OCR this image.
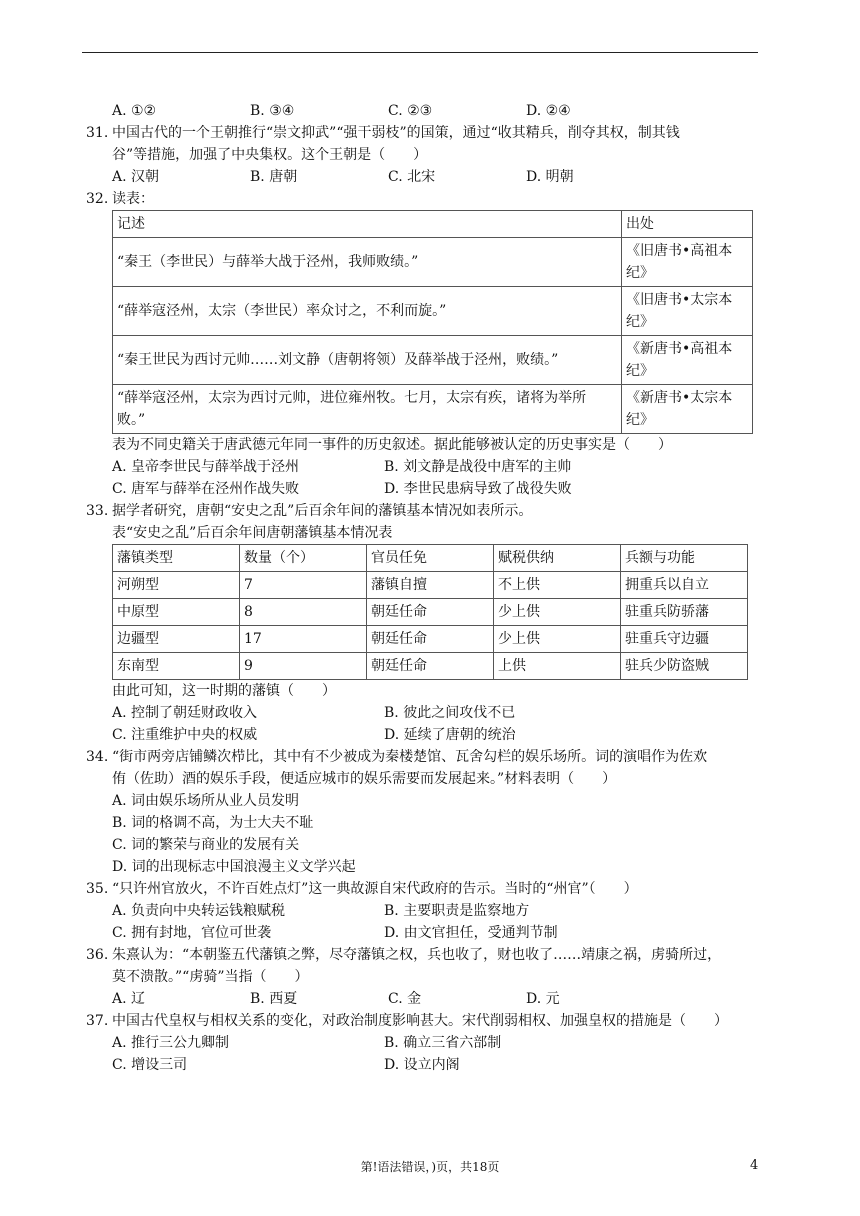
A. ①②	B. ③④	C. ②③	D. ②④
31. 中国古代的一个王朝推行“崇文抑武”“强干弱枝”的国策，通过“收其精兵，削夺其权，制其钱
谷”等措施，加强了中央集权。这个王朝是（　　）
A. 汉朝	B. 唐朝	C. 北宋	D. 明朝
32. 读表：
记述	出处
“秦王（李世民）与薛举大战于泾州，我师败绩。”	《旧唐书•高祖本
纪》
“薛举寇泾州，太宗（李世民）率众讨之，不利而旋。”	《旧唐书•太宗本
纪》
“秦王世民为西讨元帅……刘文静（唐朝将领）及薛举战于泾州，败绩。”	《新唐书•高祖本
纪》
“薛举寇泾州，太宗为西讨元帅，进位雍州牧。七月，太宗有疾，诸将为举所
败。”	《新唐书•太宗本
纪》
表为不同史籍关于唐武德元年同一事件的历史叙述。据此能够被认定的历史事实是（　　）
A. 皇帝李世民与薛举战于泾州	B. 刘文静是战役中唐军的主帅
C. 唐军与薛举在泾州作战失败	D. 李世民患病导致了战役失败
33. 据学者研究，唐朝“安史之乱”后百余年间的藩镇基本情况如表所示。
表“安史之乱”后百余年间唐朝藩镇基本情况表
藩镇类型	数量（个）	官员任免	赋税供纳	兵额与功能
河朔型	7	藩镇自擅	不上供	拥重兵以自立
中原型	8	朝廷任命	少上供	驻重兵防骄藩
边疆型	17	朝廷任命	少上供	驻重兵守边疆
东南型	9	朝廷任命	上供	驻兵少防盗贼
由此可知，这一时期的藩镇（　　）
A. 控制了朝廷财政收入	B. 彼此之间攻伐不已
C. 注重维护中央的权威	D. 延续了唐朝的统治
34. “街市两旁店铺鳞次栉比，其中有不少被成为秦楼楚馆、瓦舍勾栏的娱乐场所。词的演唱作为佐欢
侑（佐助）酒的娱乐手段，便适应城市的娱乐需要而发展起来。”材料表明（　　）
A. 词由娱乐场所从业人员发明
B. 词的格调不高，为士大夫不耻
C. 词的繁荣与商业的发展有关
D. 词的出现标志中国浪漫主义文学兴起
35. “只许州官放火，不许百姓点灯”这一典故源自宋代政府的告示。当时的“州官”（　　）
A. 负责向中央转运钱粮赋税	B. 主要职责是监察地方
C. 拥有封地，官位可世袭	D. 由文官担任，受通判节制
36. 朱熹认为：“本朝鉴五代藩镇之弊，尽夺藩镇之权，兵也收了，财也收了……靖康之祸，虏骑所过，
莫不溃散。”“虏骑”当指（　　）
A. 辽	B. 西夏	C. 金	D. 元
37. 中国古代皇权与相权关系的变化，对政治制度影响甚大。宋代削弱相权、加强皇权的措施是（　　）
A. 推行三公九卿制	B. 确立三省六部制
C. 增设三司	D. 设立内阁
第!语法错误，)页，共18页	4
